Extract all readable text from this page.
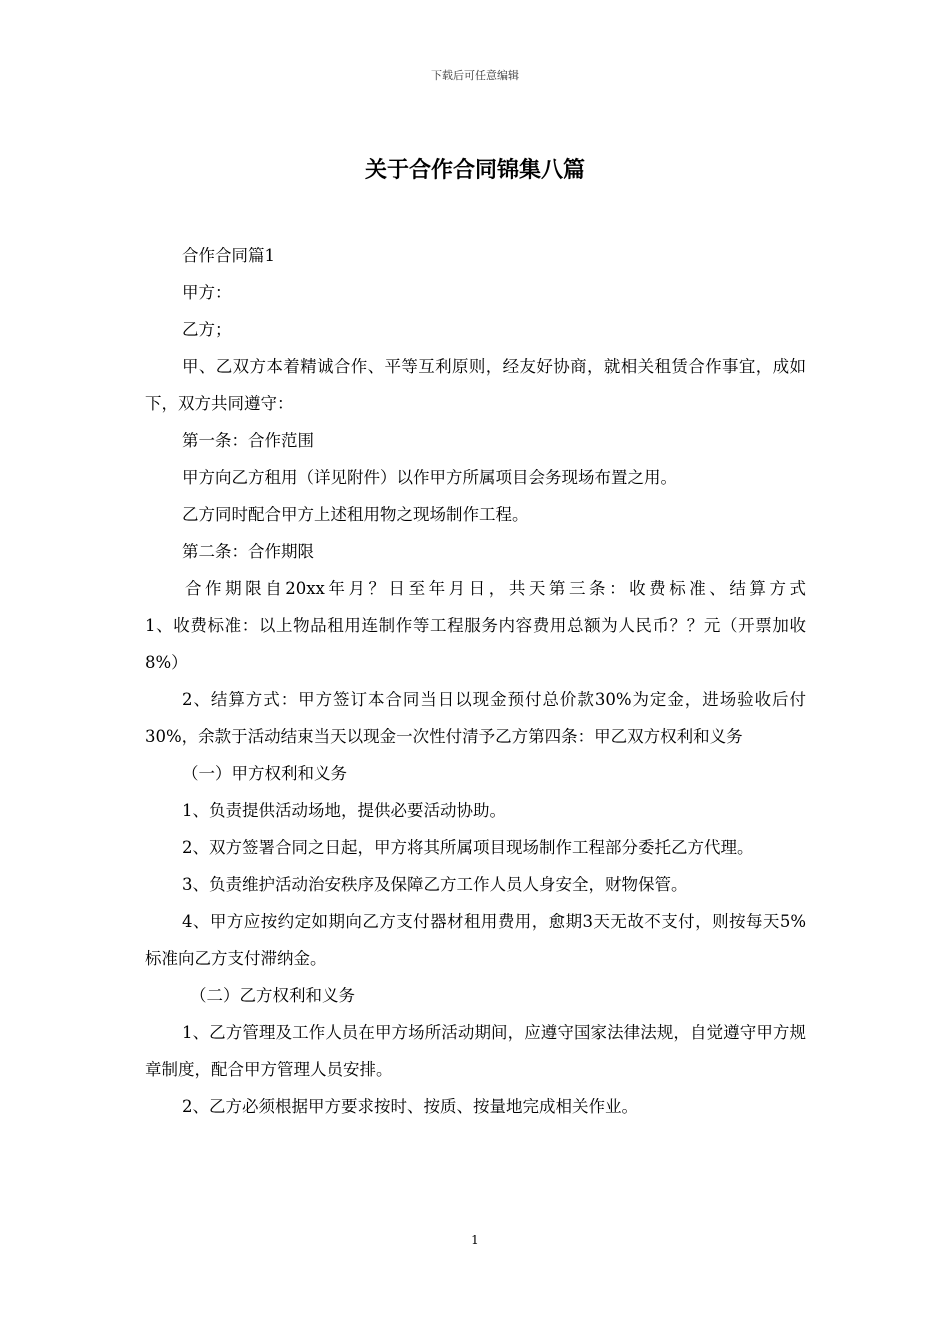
下载后可任意编辑
关于合作合同锦集八篇

合作合同篇1

甲方：

乙方；

甲、乙双方本着精诚合作、平等互利原则，经友好协商，就相关租赁合作事宜，成如下，双方共同遵守：

第一条：合作范围

甲方向乙方租用（详见附件）以作甲方所属项目会务现场布置之用。

乙方同时配合甲方上述租用物之现场制作工程。

第二条：合作期限

合作期限自20xx年月？日至年月日，共天第三条：收费标准、结算方式

1、收费标准：以上物品租用连制作等工程服务内容费用总额为人民币？？元（开票加收8%）

2、结算方式：甲方签订本合同当日以现金预付总价款30%为定金，进场验收后付30%，余款于活动结束当天以现金一次性付清予乙方第四条：甲乙双方权利和义务

（一）甲方权利和义务

1、负责提供活动场地，提供必要活动协助。

2、双方签署合同之日起，甲方将其所属项目现场制作工程部分委托乙方代理。

3、负责维护活动治安秩序及保障乙方工作人员人身安全，财物保管。

4、甲方应按约定如期向乙方支付器材租用费用，愈期3天无故不支付，则按每天5%标准向乙方支付滞纳金。

（二）乙方权利和义务

1、乙方管理及工作人员在甲方场所活动期间，应遵守国家法律法规，自觉遵守甲方规章制度，配合甲方管理人员安排。

2、乙方必须根据甲方要求按时、按质、按量地完成相关作业。

1
